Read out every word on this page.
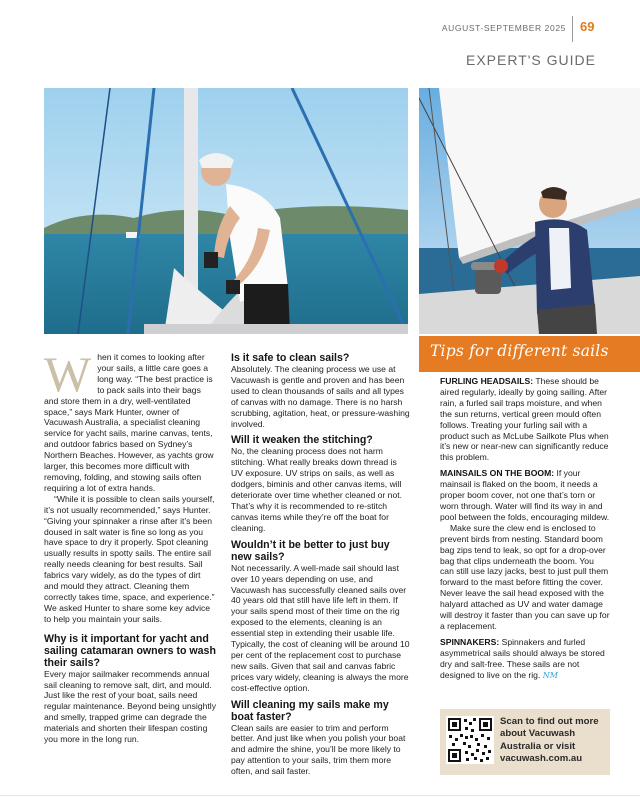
AUGUST-SEPTEMBER 2025 69
EXPERT'S GUIDE
Tips for different sails
W hen it comes to looking after your sails, a little care goes a long way. “The best practice is to pack sails into their bags and store them in a dry, well-ventilated space,” says Mark Hunter, owner of Vacuwash Australia, a specialist cleaning service for yacht sails, marine canvas, tents, and outdoor fabrics based on Sydney’s Northern Beaches. However, as yachts grow larger, this becomes more difficult with removing, folding, and stowing sails often requiring a lot of extra hands.

“While it is possible to clean sails yourself, it’s not usually recommended,” says Hunter. “Giving your spinnaker a rinse after it’s been doused in salt water is fine so long as you have space to dry it properly. Spot cleaning usually results in spotty sails. The entire sail really needs cleaning for best results. Sail fabrics vary widely, as do the types of dirt and mould they attract. Cleaning them correctly takes time, space, and experience.” We asked Hunter to share some key advice to help you maintain your sails.

Why is it important for yacht and sailing catamaran owners to wash their sails?

Every major sailmaker recommends annual sail cleaning to remove salt, dirt, and mould. Just like the rest of your boat, sails need regular maintenance. Beyond being unsightly and smelly, trapped grime can degrade the materials and shorten their lifespan costing you more in the long run.

Is it safe to clean sails?

Absolutely. The cleaning process we use at Vacuwash is gentle and proven and has been used to clean thousands of sails and all types of canvas with no damage. There is no harsh scrubbing, agitation, heat, or pressure-washing involved.

Will it weaken the stitching?

No, the cleaning process does not harm stitching. What really breaks down thread is UV exposure. UV strips on sails, as well as dodgers, biminis and other canvas items, will deteriorate over time whether cleaned or not. That’s why it is recommended to re-stitch canvas items while they’re off the boat for cleaning.

Wouldn’t it be better to just buy new sails?

Not necessarily. A well-made sail should last over 10 years depending on use, and Vacuwash has successfully cleaned sails over 40 years old that still have life left in them. If your sails spend most of their time on the rig exposed to the elements, cleaning is an essential step in extending their usable life. Typically, the cost of cleaning will be around 10 per cent of the replacement cost to purchase new sails. Given that sail and canvas fabric prices vary widely, cleaning is always the more cost-effective option.

Will cleaning my sails make my boat faster?

Clean sails are easier to trim and perform better. And just like when you polish your boat and admire the shine, you’ll be more likely to pay attention to your sails, trim them more often, and sail faster.

FURLING HEADSAILS: These should be aired regularly, ideally by going sailing. After rain, a furled sail traps moisture, and when the sun returns, vertical green mould often follows. Treating your furling sail with a product such as McLube Sailkote Plus when it’s new or near-new can significantly reduce this problem.

MAINSAILS ON THE BOOM: If your mainsail is flaked on the boom, it needs a proper boom cover, not one that’s torn or worn through. Water will find its way in and pool between the folds, encouraging mildew.

Make sure the clew end is enclosed to prevent birds from nesting. Standard boom bag zips tend to leak, so opt for a drop-over bag that clips underneath the boom. You can still use lazy jacks, best to just pull them forward to the mast before fitting the cover. Never leave the sail head exposed with the halyard attached as UV and water damage will destroy it faster than you can save up for a replacement.

SPINNAKERS: Spinnakers and furled asymmetrical sails should always be stored dry and salt-free. These sails are not designed to live on the rig. NM

Scan to find out more about Vacuwash Australia or visit vacuwash.com.au
